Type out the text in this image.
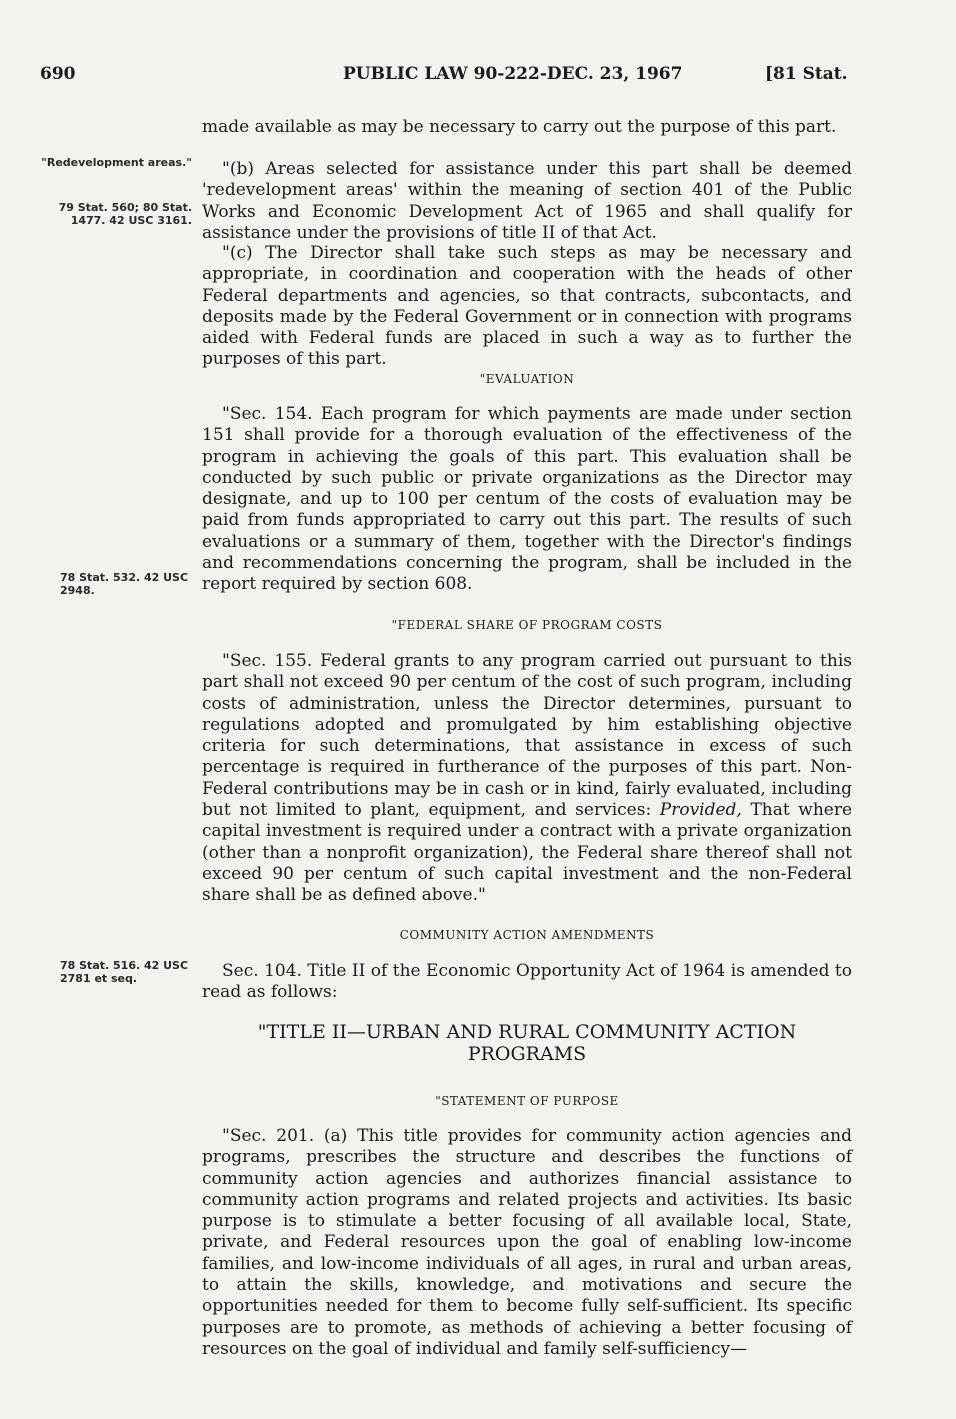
690	PUBLIC LAW 90-222-DEC. 23, 1967	[81 Stat.
"Redevelopment areas."
79 Stat. 560; 80 Stat. 1477. 42 USC 3161.
78 Stat. 532. 42 USC 2948.
78 Stat. 516. 42 USC 2781 et seq.
made available as may be necessary to carry out the purpose of this part.
"(b) Areas selected for assistance under this part shall be deemed 'redevelopment areas' within the meaning of section 401 of the Public Works and Economic Development Act of 1965 and shall qualify for assistance under the provisions of title II of that Act.
"(c) The Director shall take such steps as may be necessary and appropriate, in coordination and cooperation with the heads of other Federal departments and agencies, so that contracts, subcontacts, and deposits made by the Federal Government or in connection with programs aided with Federal funds are placed in such a way as to further the purposes of this part.
"EVALUATION
"Sec. 154. Each program for which payments are made under section 151 shall provide for a thorough evaluation of the effectiveness of the program in achieving the goals of this part. This evaluation shall be conducted by such public or private organizations as the Director may designate, and up to 100 per centum of the costs of evaluation may be paid from funds appropriated to carry out this part. The results of such evaluations or a summary of them, together with the Director's findings and recommendations concerning the program, shall be included in the report required by section 608.
"FEDERAL SHARE OF PROGRAM COSTS
"Sec. 155. Federal grants to any program carried out pursuant to this part shall not exceed 90 per centum of the cost of such program, including costs of administration, unless the Director determines, pursuant to regulations adopted and promulgated by him establishing objective criteria for such determinations, that assistance in excess of such percentage is required in furtherance of the purposes of this part. Non-Federal contributions may be in cash or in kind, fairly evaluated, including but not limited to plant, equipment, and services: Provided, That where capital investment is required under a contract with a private organization (other than a nonprofit organization), the Federal share thereof shall not exceed 90 per centum of such capital investment and the non-Federal share shall be as defined above."
COMMUNITY ACTION AMENDMENTS
Sec. 104. Title II of the Economic Opportunity Act of 1964 is amended to read as follows:
"TITLE II—URBAN AND RURAL COMMUNITY ACTION PROGRAMS
"STATEMENT OF PURPOSE
"Sec. 201. (a) This title provides for community action agencies and programs, prescribes the structure and describes the functions of community action agencies and authorizes financial assistance to community action programs and related projects and activities. Its basic purpose is to stimulate a better focusing of all available local, State, private, and Federal resources upon the goal of enabling low-income families, and low-income individuals of all ages, in rural and urban areas, to attain the skills, knowledge, and motivations and secure the opportunities needed for them to become fully self-sufficient. Its specific purposes are to promote, as methods of achieving a better focusing of resources on the goal of individual and family self-sufficiency—
